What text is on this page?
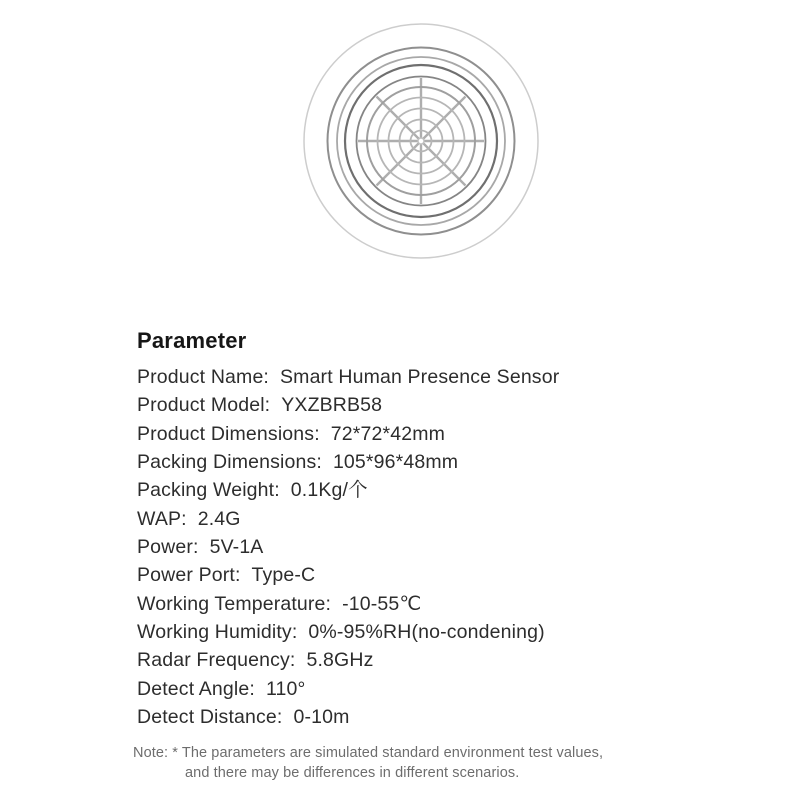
Parameter
Product Name: Smart Human Presence Sensor
Product Model: YXZBRB58
Product Dimensions: 72*72*42mm
Packing Dimensions: 105*96*48mm
Packing Weight: 0.1Kg/个
WAP: 2.4G
Power: 5V-1A
Power Port: Type-C
Working Temperature: -10-55℃
Working Humidity: 0%-95%RH(no-condening)
Radar Frequency: 5.8GHz
Detect Angle: 110°
Detect Distance: 0-10m
Note: * The parameters are simulated standard environment test values,
and there may be differences in different scenarios.
